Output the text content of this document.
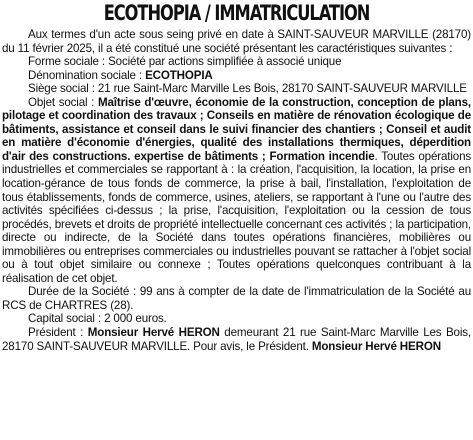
ECOTHOPIA / IMMATRICULATION

Aux termes d'un acte sous seing privé en date à SAINT-SAUVEUR MARVILLE (28170) du 11 février 2025, il a été constitué une société présentant les caractéristiques suivantes :

Forme sociale : Société par actions simplifiée à associé unique

Dénomination sociale : ECOTHOPIA

Siège social : 21 rue Saint-Marc Marville Les Bois, 28170 SAINT-SAUVEUR MARVILLE

Objet social : Maîtrise d'œuvre, économie de la construction, conception de plans, pilotage et coordination des travaux ; Conseils en matière de rénovation écologique de bâtiments, assistance et conseil dans le suivi financier des chantiers ; Conseil et audit en matière d'économie d'énergies, qualité des installations thermiques, déperdition d'air des constructions. expertise de bâtiments ; Formation incendie. Toutes opérations industrielles et commerciales se rapportant à : la création, l'acquisition, la location, la prise en location-gérance de tous fonds de commerce, la prise à bail, l'installation, l'exploitation de tous établissements, fonds de commerce, usines, ateliers, se rapportant à l'une ou l'autre des activités spécifiées ci-dessus ; la prise, l'acquisition, l'exploitation ou la cession de tous procédés, brevets et droits de propriété intellectuelle concernant ces activités ; la participation, directe ou indirecte, de la Société dans toutes opérations financières, mobilières ou immobilières ou entreprises commerciales ou industrielles pouvant se rattacher à l'objet social ou à tout objet similaire ou connexe ; Toutes opérations quelconques contribuant à la réalisation de cet objet.

Durée de la Société : 99 ans à compter de la date de l'immatriculation de la Société au RCS de CHARTRES (28).

Capital social : 2 000 euros.

Président : Monsieur Hervé HERON demeurant 21 rue Saint-Marc Marville Les Bois, 28170 SAINT-SAUVEUR MARVILLE. Pour avis, le Président. Monsieur Hervé HERON
